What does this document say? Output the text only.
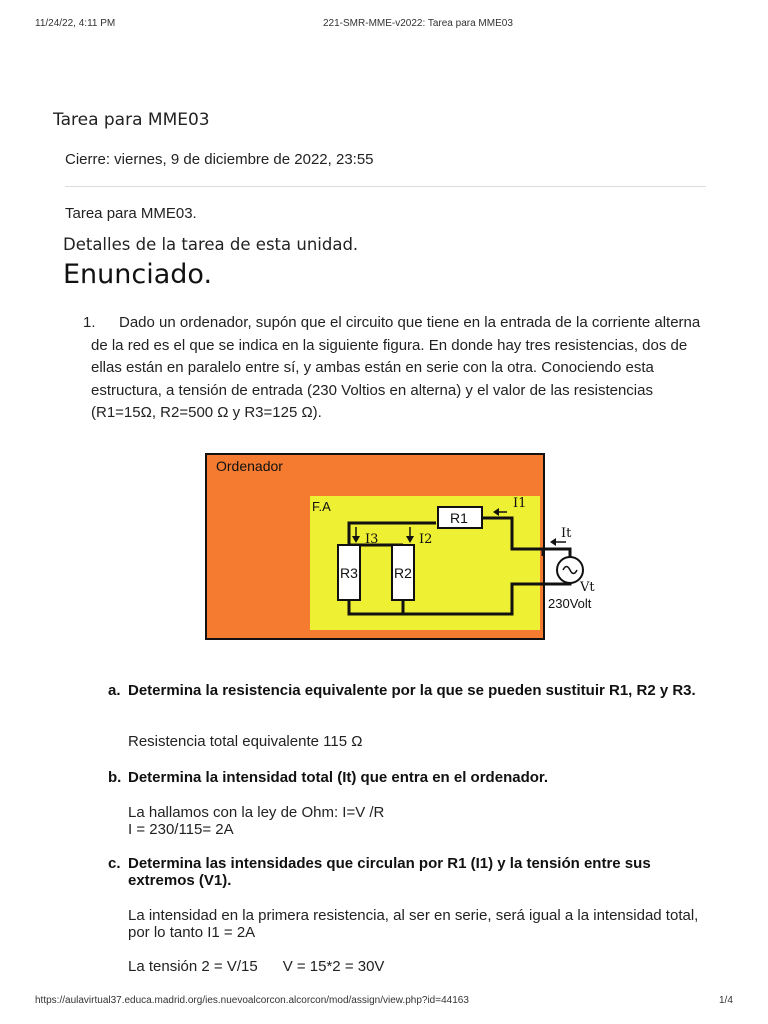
11/24/22, 4:11 PM	221-SMR-MME-v2022: Tarea para MME03
Tarea para MME03
Cierre: viernes, 9 de diciembre de 2022, 23:55
Tarea para MME03.
Detalles de la tarea de esta unidad.
Enunciado.
1.	Dado un ordenador, supón que el circuito que tiene en la entrada de la corriente alterna de la red es el que se indica en la siguiente figura. En donde hay tres resistencias, dos de ellas están en paralelo entre sí, y ambas están en serie con la otra. Conociendo esta estructura, a tensión de entrada (230 Voltios en alterna) y el valor de las resistencias (R1=15Ω, R2=500 Ω y R3=125 Ω).
Ordenador
F.A
R1
R3	R2
I3	I2
I1
It
Vt
230Volt
a. Determina la resistencia equivalente por la que se pueden sustituir R1, R2 y R3.
Resistencia total equivalente 115 Ω
b. Determina la intensidad total (It) que entra en el ordenador.
La hallamos con la ley de Ohm: I=V /R
I = 230/115= 2A
c. Determina las intensidades que circulan por R1 (I1) y la tensión entre sus extremos (V1).
La intensidad en la primera resistencia, al ser en serie, será igual a la intensidad total, por lo tanto I1 = 2A
La tensión 2 = V/15      V = 15*2 = 30V
https://aulavirtual37.educa.madrid.org/ies.nuevoalcorcon.alcorcon/mod/assign/view.php?id=44163	1/4
